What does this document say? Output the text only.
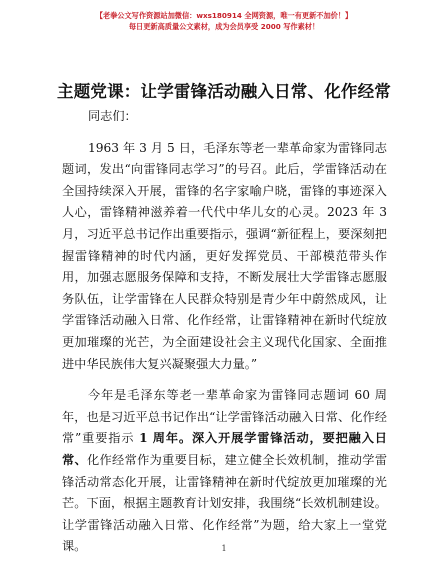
【老拳公文写作资源站加微信：wxs180914 全网资源，唯一有更新不加价！】
每日更新高质量公文素材，成为会员享受 2000 写作素材！
主题党课：让学雷锋活动融入日常、化作经常

同志们：

1963 年 3 月 5 日，毛泽东等老一辈革命家为雷锋同志题词，发出“向雷锋同志学习”的号召。此后，学雷锋活动在全国持续深入开展，雷锋的名字家喻户晓，雷锋的事迹深入人心，雷锋精神滋养着一代代中华儿女的心灵。2023 年 3 月，习近平总书记作出重要指示，强调“新征程上，要深刻把握雷锋精神的时代内涵，更好发挥党员、干部模范带头作用，加强志愿服务保障和支持，不断发展壮大学雷锋志愿服务队伍，让学雷锋在人民群众特别是青少年中蔚然成风，让学雷锋活动融入日常、化作经常，让雷锋精神在新时代绽放更加璀璨的光芒，为全面建设社会主义现代化国家、全面推进中华民族伟大复兴凝聚强大力量。”

今年是毛泽东等老一辈革命家为雷锋同志题词 60 周年，也是习近平总书记作出“让学雷锋活动融入日常、化作经常”重要指示 1 周年。深入开展学雷锋活动，要把融入日常、化作经常作为重要目标，建立健全长效机制，推动学雷锋活动常态化开展，让雷锋精神在新时代绽放更加璀璨的光芒。下面，根据主题教育计划安排，我围绕“长效机制建设。让学雷锋活动融入日常、化作经常”为题，给大家上一堂党课。	1
